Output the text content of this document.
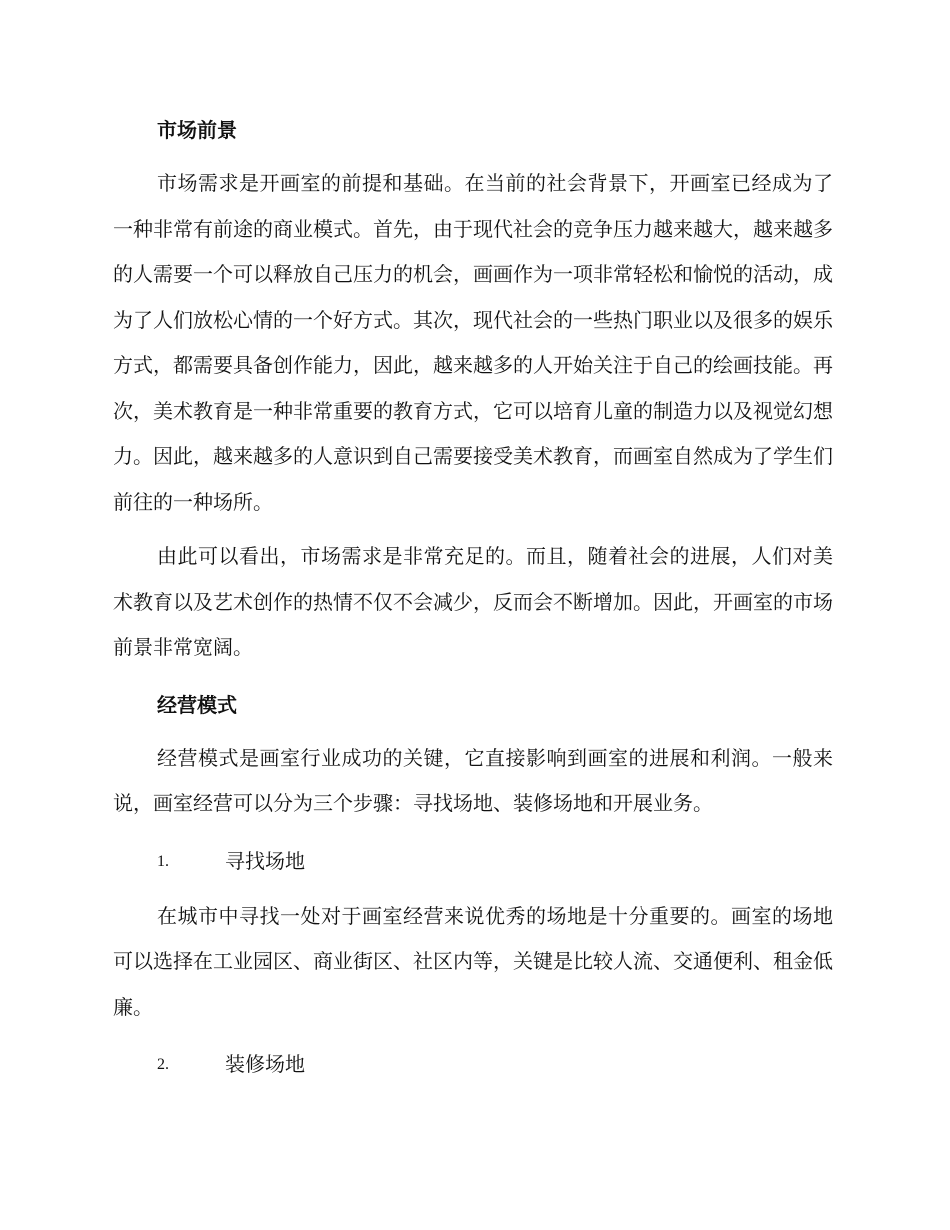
市场前景

市场需求是开画室的前提和基础。在当前的社会背景下，开画室已经成为了一种非常有前途的商业模式。首先，由于现代社会的竞争压力越来越大，越来越多的人需要一个可以释放自己压力的机会，画画作为一项非常轻松和愉悦的活动，成为了人们放松心情的一个好方式。其次，现代社会的一些热门职业以及很多的娱乐方式，都需要具备创作能力，因此，越来越多的人开始关注于自己的绘画技能。再次，美术教育是一种非常重要的教育方式，它可以培育儿童的制造力以及视觉幻想力。因此，越来越多的人意识到自己需要接受美术教育，而画室自然成为了学生们前往的一种场所。

由此可以看出，市场需求是非常充足的。而且，随着社会的进展，人们对美术教育以及艺术创作的热情不仅不会减少，反而会不断增加。因此，开画室的市场前景非常宽阔。

经营模式

经营模式是画室行业成功的关键，它直接影响到画室的进展和利润。一般来说，画室经营可以分为三个步骤：寻找场地、装修场地和开展业务。

1.	寻找场地

在城市中寻找一处对于画室经营来说优秀的场地是十分重要的。画室的场地可以选择在工业园区、商业街区、社区内等，关键是比较人流、交通便利、租金低廉。

2.	装修场地
